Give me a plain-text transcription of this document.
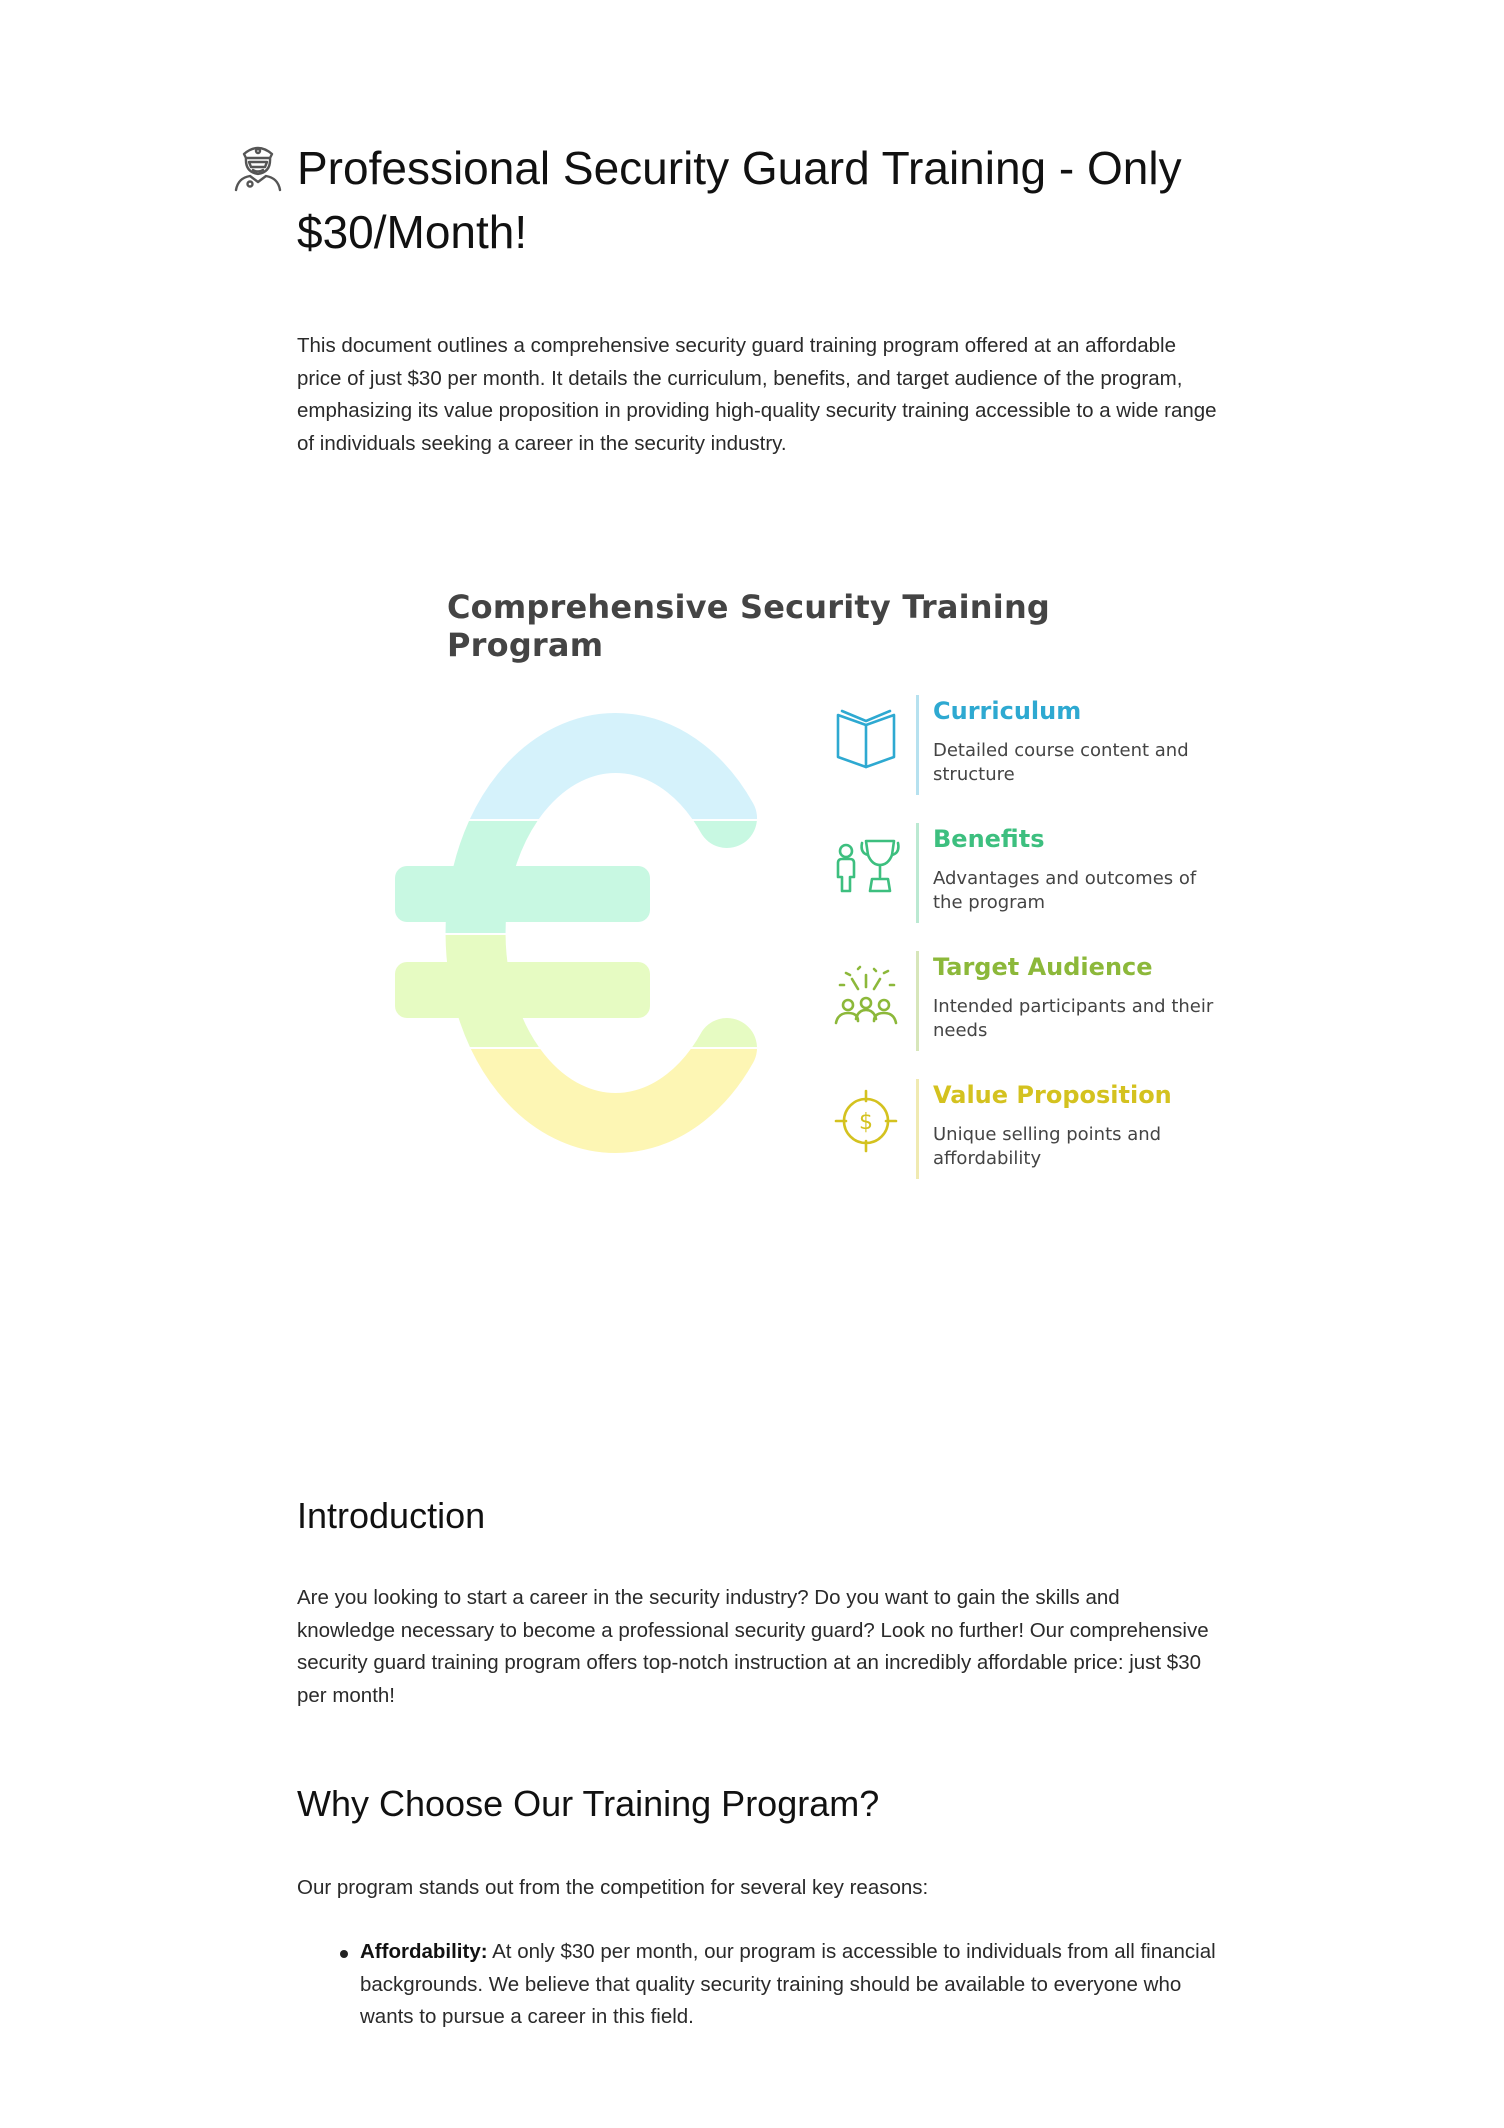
Professional Security Guard Training - Only $30/Month!

This document outlines a comprehensive security guard training program offered at an affordable price of just $30 per month. It details the curriculum, benefits, and target audience of the program, emphasizing its value proposition in providing high-quality security training accessible to a wide range of individuals seeking a career in the security industry.

Comprehensive Security Training Program

Curriculum

Detailed course content and structure

Benefits

Advantages and outcomes of the program

Target Audience

Intended participants and their needs

$

Value Proposition

Unique selling points and affordability

Introduction

Are you looking to start a career in the security industry? Do you want to gain the skills and knowledge necessary to become a professional security guard? Look no further! Our comprehensive security guard training program offers top-notch instruction at an incredibly affordable price: just $30 per month!

Why Choose Our Training Program?

Our program stands out from the competition for several key reasons:

Affordability: At only $30 per month, our program is accessible to individuals from all financial backgrounds. We believe that quality security training should be available to everyone who wants to pursue a career in this field.
